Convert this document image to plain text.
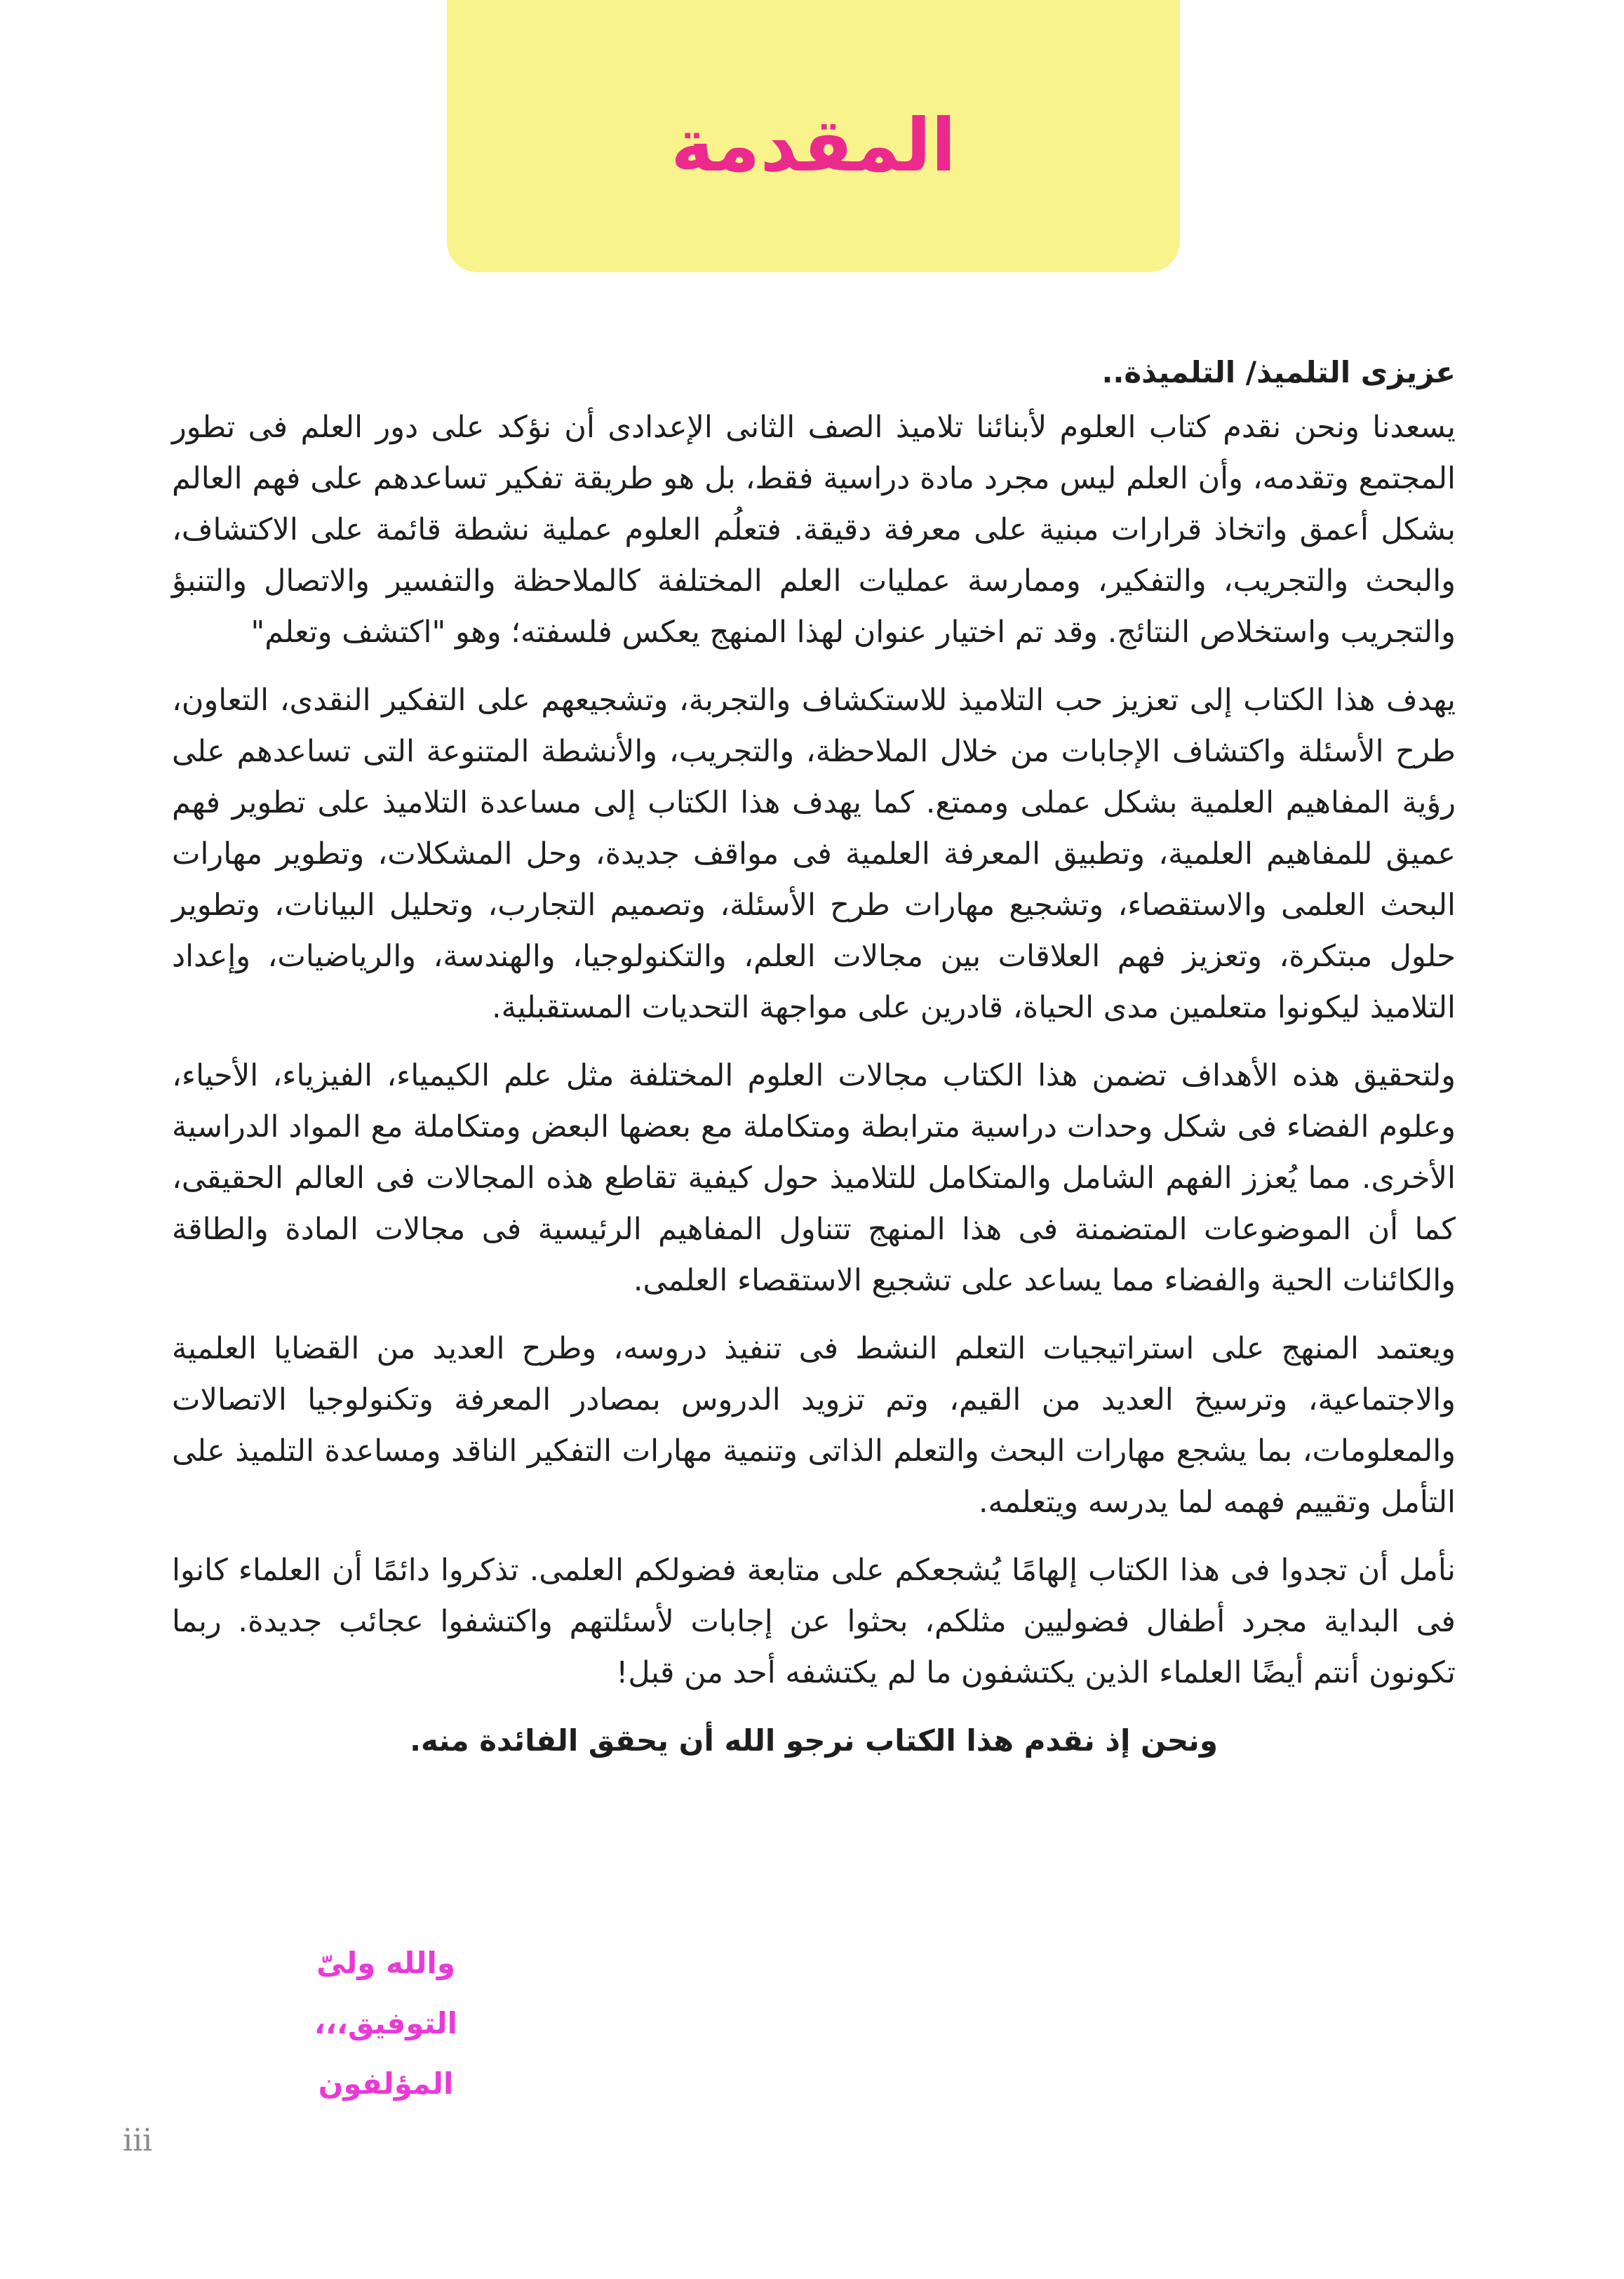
المقدمة

عزيزى التلميذ/ التلميذة..

يسعدنا ونحن نقدم كتاب العلوم لأبنائنا تلاميذ الصف الثانى الإعدادى أن نؤكد على دور العلم فى تطور المجتمع وتقدمه، وأن العلم ليس مجرد مادة دراسية فقط، بل هو طريقة تفكير تساعدهم على فهم العالم بشكل أعمق واتخاذ قرارات مبنية على معرفة دقيقة. فتعلُم العلوم عملية نشطة قائمة على الاكتشاف، والبحث والتجريب، والتفكير، وممارسة عمليات العلم المختلفة كالملاحظة والتفسير والاتصال والتنبؤ والتجريب واستخلاص النتائج. وقد تم اختيار عنوان لهذا المنهج يعكس فلسفته؛ وهو "اكتشف وتعلم"

يهدف هذا الكتاب إلى تعزيز حب التلاميذ للاستكشاف والتجربة، وتشجيعهم على التفكير النقدى، التعاون، طرح الأسئلة واكتشاف الإجابات من خلال الملاحظة، والتجريب، والأنشطة المتنوعة التى تساعدهم على رؤية المفاهيم العلمية بشكل عملى وممتع. كما يهدف هذا الكتاب إلى مساعدة التلاميذ على تطوير فهم عميق للمفاهيم العلمية، وتطبيق المعرفة العلمية فى مواقف جديدة، وحل المشكلات، وتطوير مهارات البحث العلمى والاستقصاء، وتشجيع مهارات طرح الأسئلة، وتصميم التجارب، وتحليل البيانات، وتطوير حلول مبتكرة، وتعزيز فهم العلاقات بين مجالات العلم، والتكنولوجيا، والهندسة، والرياضيات، وإعداد التلاميذ ليكونوا متعلمين مدى الحياة، قادرين على مواجهة التحديات المستقبلية.

ولتحقيق هذه الأهداف تضمن هذا الكتاب مجالات العلوم المختلفة مثل علم الكيمياء، الفيزياء، الأحياء، وعلوم الفضاء فى شكل وحدات دراسية مترابطة ومتكاملة مع بعضها البعض ومتكاملة مع المواد الدراسية الأخرى. مما يُعزز الفهم الشامل والمتكامل للتلاميذ حول كيفية تقاطع هذه المجالات فى العالم الحقيقى، كما أن الموضوعات المتضمنة فى هذا المنهج تتناول المفاهيم الرئيسية فى مجالات المادة والطاقة والكائنات الحية والفضاء مما يساعد على تشجيع الاستقصاء العلمى.

ويعتمد المنهج على استراتيجيات التعلم النشط فى تنفيذ دروسه، وطرح العديد من القضايا العلمية والاجتماعية، وترسيخ العديد من القيم، وتم تزويد الدروس بمصادر المعرفة وتكنولوجيا الاتصالات والمعلومات، بما يشجع مهارات البحث والتعلم الذاتى وتنمية مهارات التفكير الناقد ومساعدة التلميذ على التأمل وتقييم فهمه لما يدرسه ويتعلمه.

نأمل أن تجدوا فى هذا الكتاب إلهامًا يُشجعكم على متابعة فضولكم العلمى. تذكروا دائمًا أن العلماء كانوا فى البداية مجرد أطفال فضوليين مثلكم، بحثوا عن إجابات لأسئلتهم واكتشفوا عجائب جديدة. ربما تكونون أنتم أيضًا العلماء الذين يكتشفون ما لم يكتشفه أحد من قبل!

ونحن إذ نقدم هذا الكتاب نرجو الله أن يحقق الفائدة منه.

والله ولىّ التوفيق،،،
المؤلفون
iii
